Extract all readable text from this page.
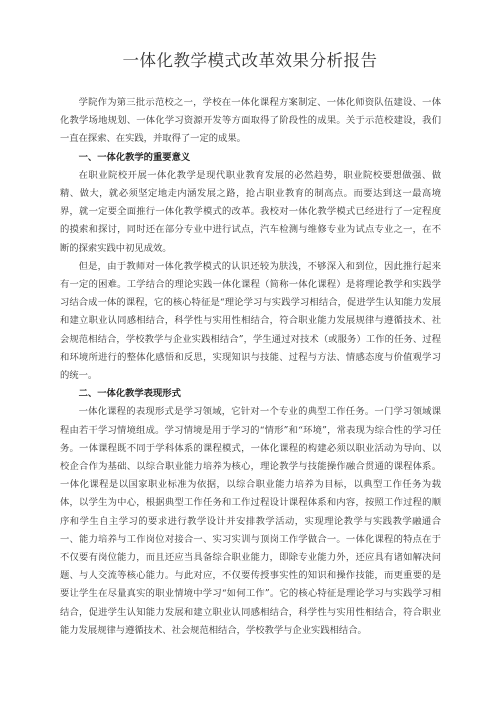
一体化教学模式改革效果分析报告

学院作为第三批示范校之一，学校在一体化课程方案制定、一体化师资队伍建设、一体化教学场地规划、一体化学习资源开发等方面取得了阶段性的成果。关于示范校建设，我们一直在探索、在实践，并取得了一定的成果。

一、一体化教学的重要意义

在职业院校开展一体化教学是现代职业教育发展的必然趋势，职业院校要想做强、做精、做大，就必须坚定地走内涵发展之路，抢占职业教育的制高点。而要达到这一最高境界，就一定要全面推行一体化教学模式的改革。我校对一体化教学模式已经进行了一定程度的摸索和探讨，同时还在部分专业中进行试点，汽车检测与维修专业为试点专业之一，在不断的探索实践中初见成效。

但是，由于教师对一体化教学模式的认识还较为肤浅，不够深入和到位，因此推行起来有一定的困难。工学结合的理论实践一体化课程（简称一体化课程）是将理论教学和实践学习结合成一体的课程，它的核心特征是“理论学习与实践学习相结合，促进学生认知能力发展和建立职业认同感相结合，科学性与实用性相结合，符合职业能力发展规律与遵循技术、社会规范相结合，学校教学与企业实践相结合”，学生通过对技术（或服务）工作的任务、过程和环境所进行的整体化感悟和反思，实现知识与技能、过程与方法、情感态度与价值观学习的统一。

二、一体化教学表现形式

一体化课程的表现形式是学习领域，它针对一个专业的典型工作任务。一门学习领域课程由若干学习情境组成。学习情境是用于学习的“情形”和“环境”，常表现为综合性的学习任务。一体课程既不同于学科体系的课程模式，一体化课程的构建必须以职业活动为导向、以校企合作为基础、以综合职业能力培养为核心，理论教学与技能操作融合贯通的课程体系。一体化课程是以国家职业标准为依据，以综合职业能力培养为目标，以典型工作任务为载体，以学生为中心，根据典型工作任务和工作过程设计课程体系和内容，按照工作过程的顺序和学生自主学习的要求进行教学设计并安排教学活动，实现理论教学与实践教学融通合一、能力培养与工作岗位对接合一、实习实训与顶岗工作学做合一。一体化课程的特点在于不仅要有岗位能力，而且还应当具备综合职业能力，即除专业能力外，还应具有诸如解决问题、与人交流等核心能力。与此对应，不仅要传授事实性的知识和操作技能，而更重要的是要让学生在尽量真实的职业情境中学习“如何工作”。它的核心特征是理论学习与实践学习相结合，促进学生认知能力发展和建立职业认同感相结合，科学性与实用性相结合，符合职业能力发展规律与遵循技术、社会规范相结合，学校教学与企业实践相结合。
